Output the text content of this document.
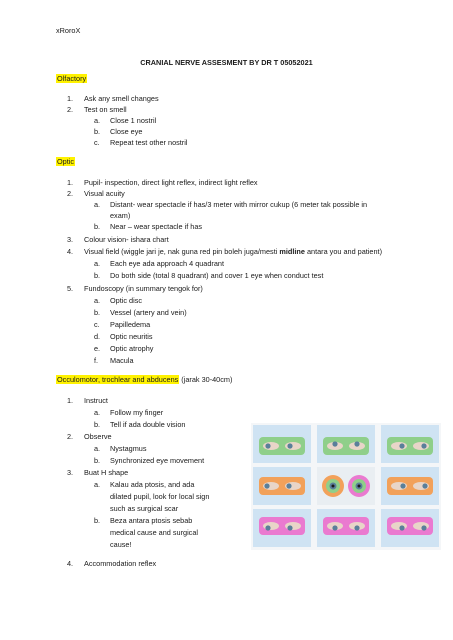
xRoroX
CRANIAL NERVE ASSESMENT BY DR T 05052021
Olfactory
1. Ask any smell changes
2. Test on smell
a. Close 1 nostril
b. Close eye
c. Repeat test other nostril
Optic
1. Pupil- inspection, direct light reflex, indirect light reflex
2. Visual acuity
a. Distant- wear spectacle if has/3 meter with mirror cukup (6 meter tak possible in
exam)
b. Near – wear spectacle if has
3. Colour vision- ishara chart
4. Visual field (wiggle jari je, nak guna red pin boleh juga/mesti midline antara you and patient)
a. Each eye ada approach 4 quadrant
b. Do both side (total 8 quadrant) and cover 1 eye when conduct test
5. Fundoscopy (in summary tengok for)
a. Optic disc
b. Vessel (artery and vein)
c. Papilledema
d. Optic neuritis
e. Optic atrophy
f. Macula
Occulomotor, trochlear and abducens (jarak 30-40cm)
1. Instruct
a. Follow my finger
b. Tell if ada double vision
2. Observe
a. Nystagmus
b. Synchronized eye movement
3. Buat H shape
a. Kalau ada ptosis, and ada
dilated pupil, look for local sign
such as surgical scar
b. Beza antara ptosis sebab
medical cause and surgical
cause!
4. Accommodation reflex
